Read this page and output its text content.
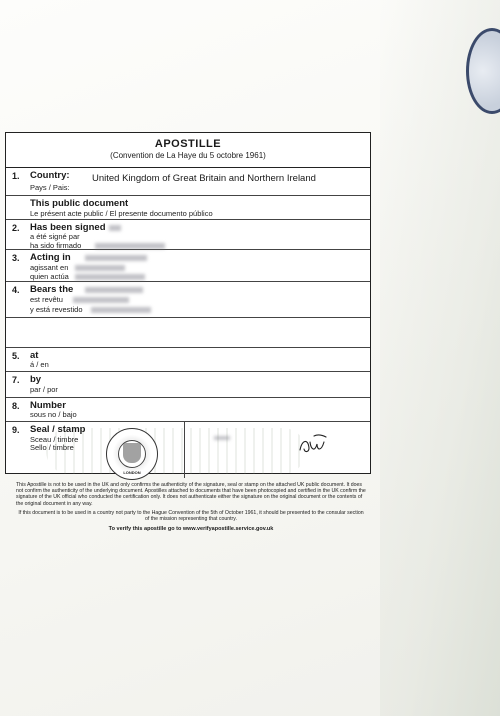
APOSTILLE
(Convention de La Haye du 5 octobre 1961)
1. Country:
Pays / Pais:
United Kingdom of Great Britain and Northern Ireland
This public document
Le présent acte public / El presente documento público
2. Has been signed
a été signé par
ha sido firmado
3. Acting in
agissant en
quien actúa
4. Bears the
est revêtu
y está revestido
5. at
á / en
7. by
par / por
8. Number
sous no / bajo
9. Seal / stamp
Sceau / timbre
Sello / timbre
LONDON

This Apostille is not to be used in the UK and only confirms the authenticity of the signature, seal or stamp on the attached UK public document. It does not confirm the authenticity of the underlying document. Apostilles attached to documents that have been photocopied and certified in the UK confirm the signature of the UK official who conducted the certification only. It does not authenticate either the signature on the original document or the contents of the original document in any way.

If this document is to be used in a country not party to the Hague Convention of the 5th of October 1961, it should be presented to the consular section of the mission representing that country.

To verify this apostille go to www.verifyapostille.service.gov.uk
